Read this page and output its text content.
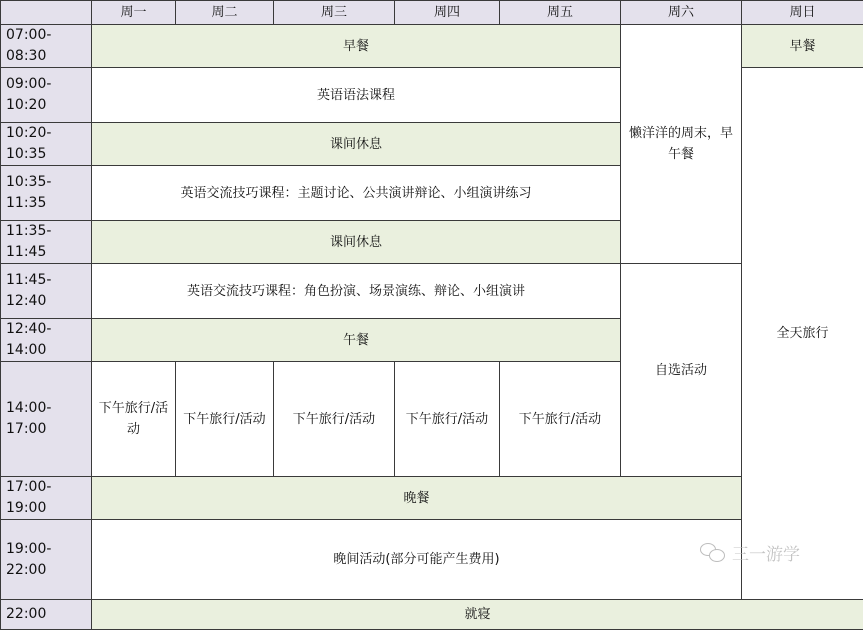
	周一	周二	周三	周四	周五	周六	周日
07:00-08:30	早餐					懒洋洋的周末，早午餐	早餐
09:00-10:20	英语语法课程						全天旅行
10:20-10:35	课间休息						
10:35-11:35	英语交流技巧课程：主题讨论、公共演讲辩论、小组演讲练习						
11:35-11:45	课间休息						
11:45-12:40	英语交流技巧课程：角色扮演、场景演练、辩论、小组演讲					自选活动	
12:40-14:00	午餐						
14:00-17:00	下午旅行/活动	下午旅行/活动	下午旅行/活动	下午旅行/活动	下午旅行/活动		
17:00-19:00	晚餐						
19:00-22:00	晚间活动(部分可能产生费用)						
22:00	就寝						
三一游学
